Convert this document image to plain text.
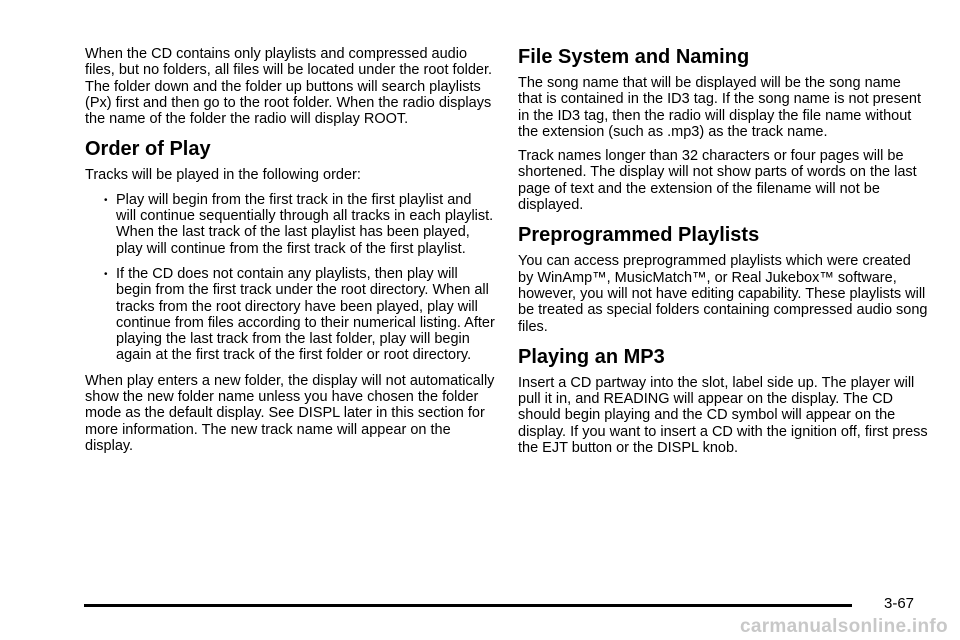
When the CD contains only playlists and compressed audio files, but no folders, all files will be located under the root folder. The folder down and the folder up buttons will search playlists (Px) first and then go to the root folder. When the radio displays the name of the folder the radio will display ROOT.

Order of Play

Tracks will be played in the following order:

• Play will begin from the first track in the first playlist and will continue sequentially through all tracks in each playlist. When the last track of the last playlist has been played, play will continue from the first track of the first playlist.
• If the CD does not contain any playlists, then play will begin from the first track under the root directory. When all tracks from the root directory have been played, play will continue from files according to their numerical listing. After playing the last track from the last folder, play will begin again at the first track of the first folder or root directory.

When play enters a new folder, the display will not automatically show the new folder name unless you have chosen the folder mode as the default display. See DISPL later in this section for more information. The new track name will appear on the display.

File System and Naming

The song name that will be displayed will be the song name that is contained in the ID3 tag. If the song name is not present in the ID3 tag, then the radio will display the file name without the extension (such as .mp3) as the track name.

Track names longer than 32 characters or four pages will be shortened. The display will not show parts of words on the last page of text and the extension of the filename will not be displayed.

Preprogrammed Playlists

You can access preprogrammed playlists which were created by WinAmp™, MusicMatch™, or Real Jukebox™ software, however, you will not have editing capability. These playlists will be treated as special folders containing compressed audio song files.

Playing an MP3

Insert a CD partway into the slot, label side up. The player will pull it in, and READING will appear on the display. The CD should begin playing and the CD symbol will appear on the display. If you want to insert a CD with the ignition off, first press the EJT button or the DISPL knob.

3-67
carmanualsonline.info
